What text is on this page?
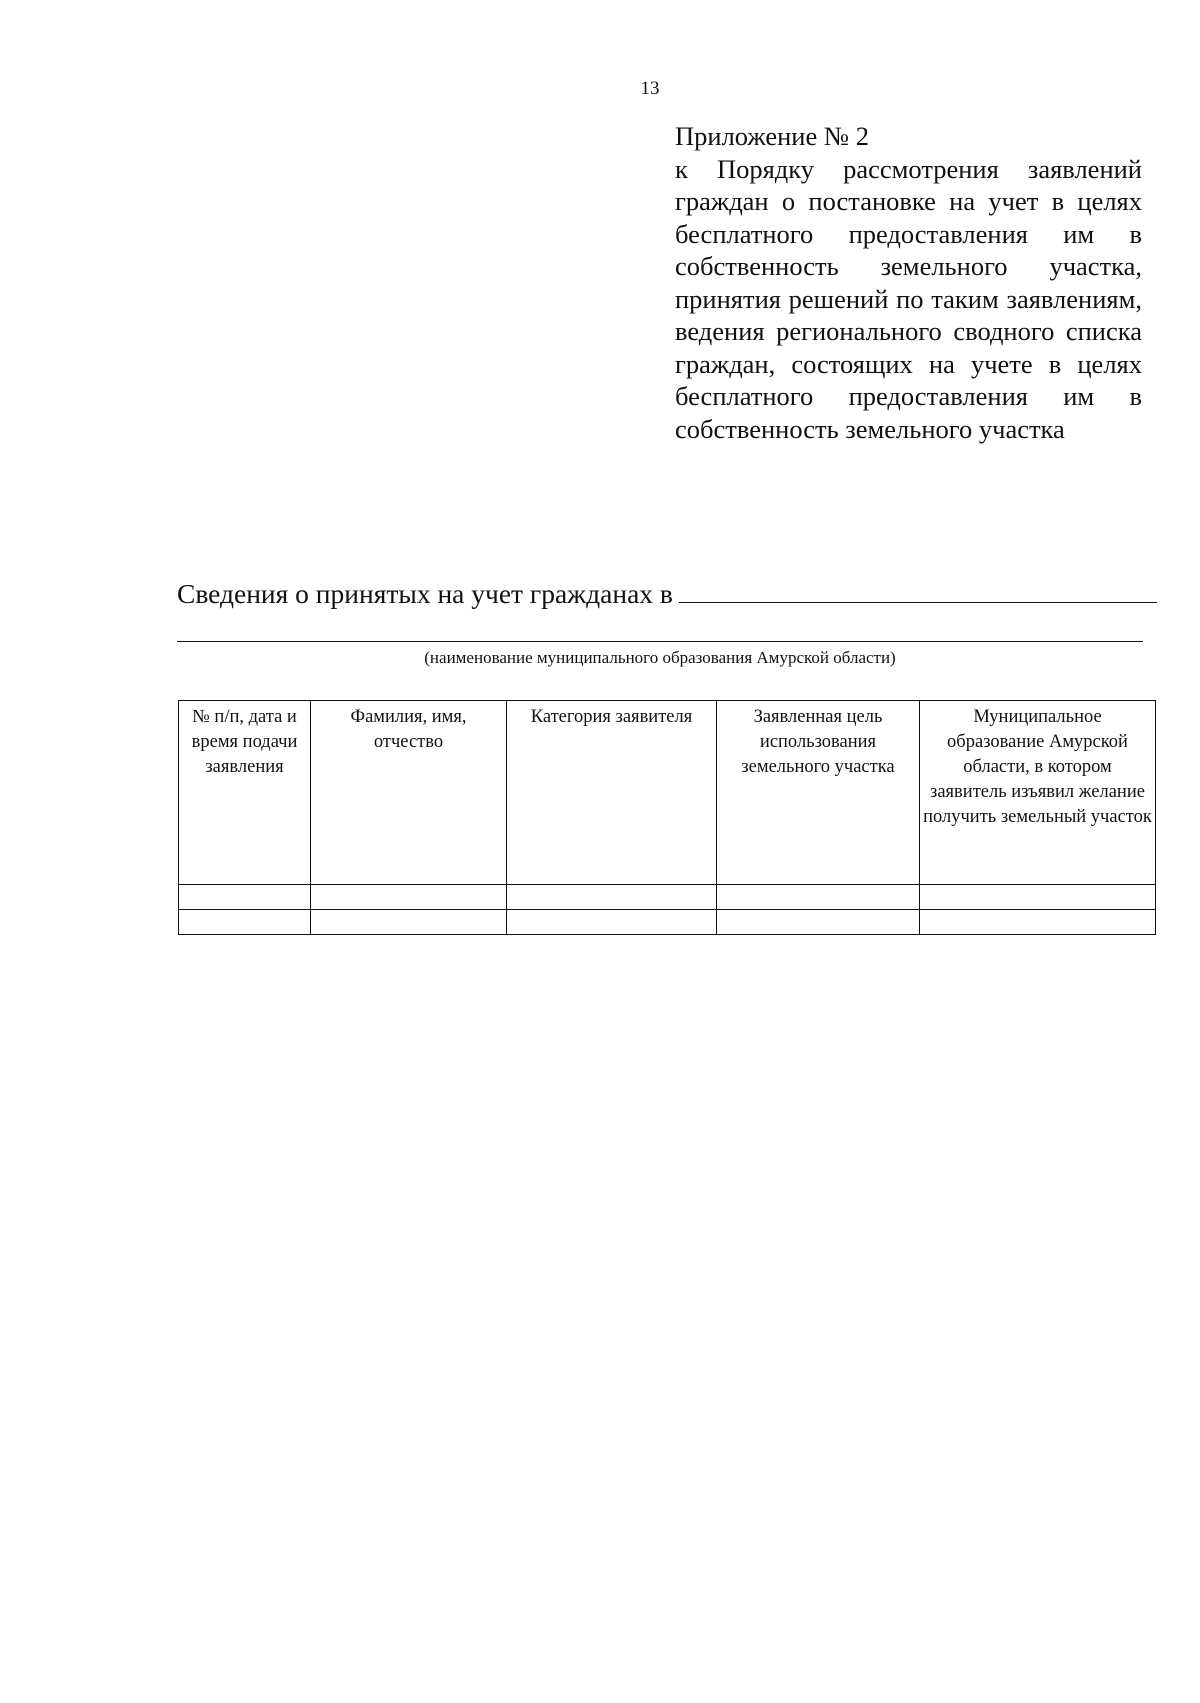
13
Приложение № 2
к Порядку рассмотрения заявлений граждан о постановке на учет в целях бесплатного предоставления им в собственность земельного участка, принятия решений по таким заявлениям, ведения регионального сводного списка граждан, состоящих на учете в целях бесплатного предоставления им в собственность земельного участка
Сведения о принятых на учет гражданах в
(наименование муниципального образования Амурской области)
№ п/п, дата и время подачи заявления	Фамилия, имя, отчество	Категория заявителя	Заявленная цель использования земельного участка	Муниципальное образование Амурской области, в котором заявитель изъявил желание получить земельный участок
